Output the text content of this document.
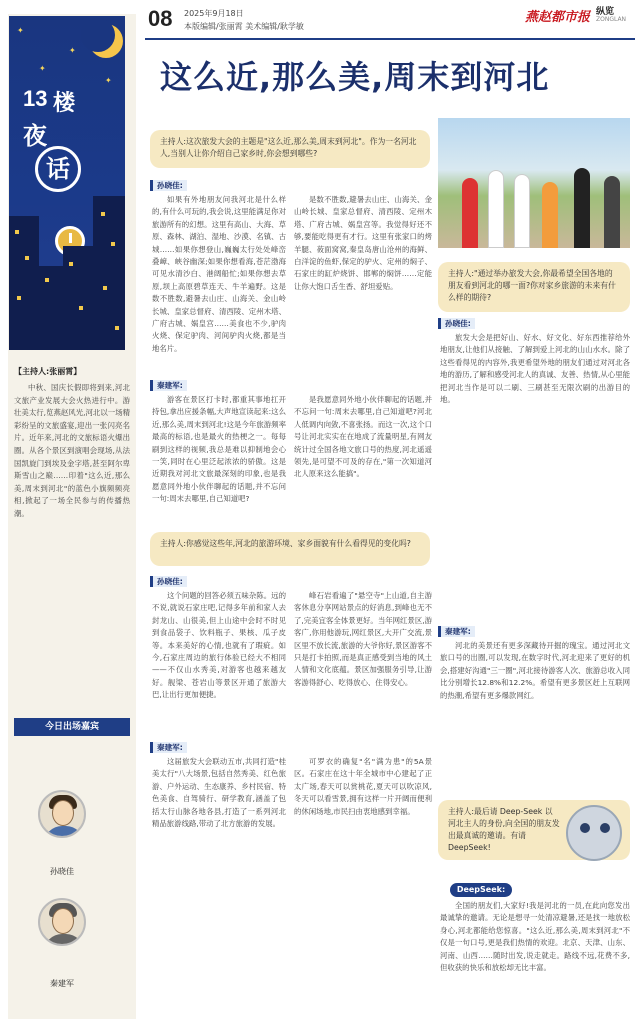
08 2025年9月18日
本版编辑/张丽霄 美术编辑/耿学敏
燕赵都市报 纵览
ZONGLAN
✦
✦
✦
✦
13 楼
夜
话
【主持人:张丽霄】
中秋、国庆长假即将到来,河北文旅产业发展大会火热进行中。游壮美太行,览燕赵风光,河北以一场精彩纷呈的文旅盛宴,迎出一张闪亮名片。近年来,河北的文旅标语火爆出圈。从各个景区到演唱会现场,从法国凯旋门到埃及金字塔,甚至阿尔卑斯雪山之巅……印着"这么近,那么美,周末到河北"的蓝色小旗频频亮相,掀起了一场全民参与的传播热潮。
今日出场嘉宾
孙晓佳
秦建军
这么近,那么美,周末到河北
主持人:这次旅发大会的主题是"这么近,那么美,周末到河北"。作为一名河北人,当别人让你介绍自己家乡时,你会想到哪些?
孙晓佳:
如果有外地朋友问我河北是什么样的,有什么可玩的,我会说,这里能满足你对旅游所有的幻想。这里有高山、大海、草原、森林、湖泊、湿地、沙漠、名镇、古城……如果你想登山,巍巍太行处处峰峦叠嶂、峡谷幽深;如果你想看海,苍茫渤海可见水清沙白、港阔船忙;如果你想去草原,坝上高原碧草连天、牛羊遍野。这是数不胜数,避暑去山庄、山海关、金山岭长城、皇家总督府、清西陵、定州木塔、广府古城、娲皇宫……美食也不少,驴肉火烧、保定驴肉、河间驴肉火烧,都是当地名片。
是数不胜数,避暑去山庄、山海关、金山岭长城、皇家总督府、清西陵、定州木塔、广府古城、娲皇宫等。我觉得好还不够,要能吃得更有才行。这里有张家口的烤羊腿、莜面窝窝,秦皇岛唐山沧州的海鲜、白洋淀的鱼虾,保定的驴火、定州的焖子、石家庄的缸炉烧饼、邯郸的焖饼……定能让你大饱口舌生香、舒坦爱贴。
秦建军:
游客在景区打卡时,都重其事地扛开持包,拿出应援条幅,大声地宣读起来:这么近,那么美,周末到河北!这是今年旅游频率最高的标语,也是最火的热梗之一。每每刷到这样的视频,我总是难以抑制地会心一笑,同时在心里泛起浓浓的骄傲。这是近期我对河北文旅最深刻的印象,也是我愿意同外地小伙伴聊起的话题,并不忘问一句:周末去哪里,自己知道吧?
是我愿意同外地小伙伴聊起的话题,并不忘问一句:周末去哪里,自己知道吧?河北人低调内向敛,不喜张扬。而这一次,这个口号让河北实实在在地成了流量明星,有网友统计过全国各地文旅口号的热度,河北遥遥领先,是可望不可及的存在,"第一次知道河北人原来这么能搞"。
主持人:"通过举办旅发大会,你最希望全国各地的朋友看到河北的哪一面?你对家乡旅游的未来有什么样的期待?
孙晓佳:
旅发大会是把好山、好水、好文化、好东西推荐给外地朋友,让他们从接触、了解到爱上河北的山山水水。除了这些看得见的内容外,我更希望外地的朋友们通过对河北各地的游历,了解和感受河北人的真诚、友善、热情,从心里能把河北当作是可以二刷、三刷甚至无限次刷的出游目的地。
秦建军:
河北的美景还有更多深藏待开掘的瑰宝。通过河北文旅口号的出圈,可以发现,在数字时代,河北迎来了更好的机会,搭建好沟通"三一圈",河北接待游客人次、旅游总收入同比分别增长12.8%和12.2%。希望有更多景区赶上互联网的热潮,希望有更多爆款网红。
主持人:你感觉这些年,河北的旅游环境、家乡面貌有什么看得见的变化吗?
孙晓佳:
这个问题的回答必须五味杂陈。远的不说,就说石家庄吧,记得多年前和家人去封龙山、山很美,但上山途中会时不时见到食品袋子、饮料瓶子、果核、瓜子皮等。本来美好的心情,也就有了瑕疵。如今,石家庄周边的旅行体验已经大不相同——不仅山水秀美,对游客也越来越友好。舰梁、苍岩山等景区开通了旅游大巴,让出行更加便捷。
峰石岩看遍了"悬空寺"上山道,自主游客休息分享网站景点的好消息,到峰也无不了,完美宜客全体景更好。当年网红景区,游客广,你用他游玩,网红景区,大开广交流,景区里不放长流,旅游的大爷你好,景区游客不只是打卡拍照,而是真正感受到当地的风土人情和文化底蕴。景区加强服务引导,让游客游得舒心、吃得放心、住得安心。
秦建军:
这届旅发大会联动五市,共同打造"桂美太行"八大场景,包括自然秀美、红色旅游、户外运动、生态康养、乡村民宿、特色美食、自驾骑行、研学教育,涵盖了包括太行山脉各地各县,打造了一系列河北精品旅游线路,带动了北方旅游的发展。
可罗衣的确复"名"满为患"的5A景区。石家庄在这十年全城市中心建起了正太广场,春天可以赏桃花,夏天可以吹凉风,冬天可以看雪景,拥有这样一片开阔而便利的休闲场地,市民扫由衷地感到幸福。	主持人:最后请 Deep-Seek 以河北主人的身份,向全国的朋友发出最真诚的邀请。有请 DeepSeek!
DeepSeek:
全国的朋友们,大家好!我是河北的一员,在此向您发出最诚挚的邀请。无论是想寻一处清凉避暑,还是找一地放松身心,河北都能给您惊喜。"这么近,那么美,周末到河北"不仅是一句口号,更是我们热情的欢迎。北京、天津、山东、河南、山西……随时出发,说走就走。路线不远,花费不多,但收获的快乐和放松却无比丰富。
